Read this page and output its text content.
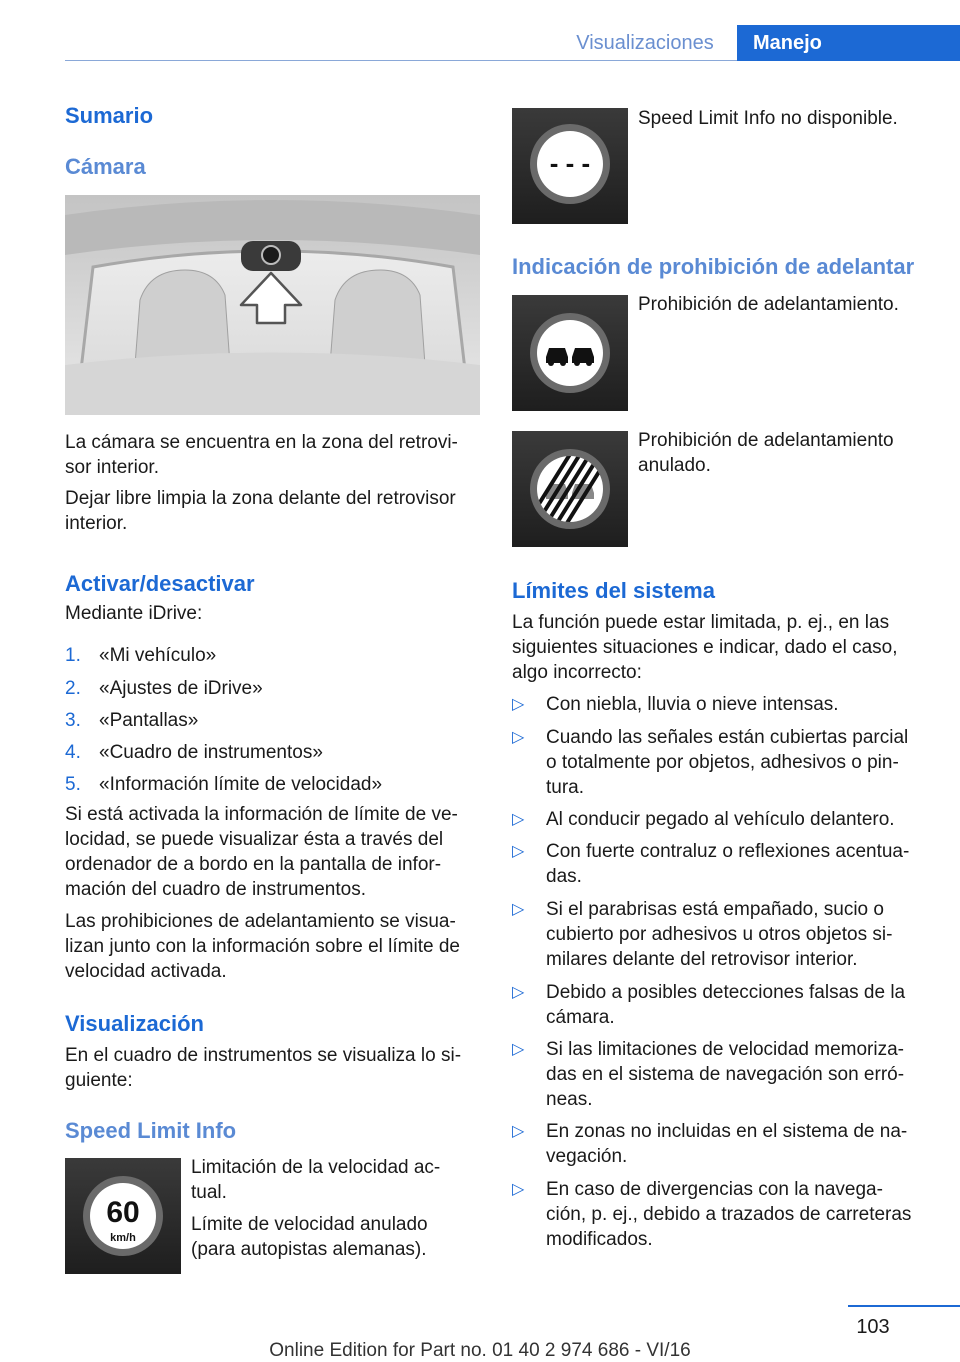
Visualizaciones	Manejo
Sumario
Cámara

La cámara se encuentra en la zona del retrovi‐
sor interior.

Dejar libre limpia la zona delante del retrovisor
interior.

Activar/desactivar

Mediante iDrive:

1. «Mi vehículo»
2. «Ajustes de iDrive»
3. «Pantallas»
4. «Cuadro de instrumentos»
5. «Información límite de velocidad»

Si está activada la información de límite de ve‐
locidad, se puede visualizar ésta a través del
ordenador de a bordo en la pantalla de infor‐
mación del cuadro de instrumentos.

Las prohibiciones de adelantamiento se visua‐
lizan junto con la información sobre el límite de
velocidad activada.

Visualización

En el cuadro de instrumentos se visualiza lo si‐
guiente:

Speed Limit Info
60
km/h

Limitación de la velocidad ac‐
tual.

Límite de velocidad anulado
(para autopistas alemanas).

- - -

Speed Limit Info no disponible.

Indicación de prohibición de adelantar

Prohibición de adelantamiento.

Prohibición de adelantamiento
anulado.

Límites del sistema

La función puede estar limitada, p. ej., en las
siguientes situaciones e indicar, dado el caso,
algo incorrecto:

▷ Con niebla, lluvia o nieve intensas.
▷ Cuando las señales están cubiertas parcial
o totalmente por objetos, adhesivos o pin‐
tura.
▷ Al conducir pegado al vehículo delantero.
▷ Con fuerte contraluz o reflexiones acentua‐
das.
▷ Si el parabrisas está empañado, sucio o
cubierto por adhesivos u otros objetos si‐
milares delante del retrovisor interior.
▷ Debido a posibles detecciones falsas de la
cámara.
▷ Si las limitaciones de velocidad memoriza‐
das en el sistema de navegación son erró‐
neas.
▷ En zonas no incluidas en el sistema de na‐
vegación.
▷ En caso de divergencias con la navega‐
ción, p. ej., debido a trazados de carreteras
modificados.
103
Online Edition for Part no. 01 40 2 974 686 - VI/16
